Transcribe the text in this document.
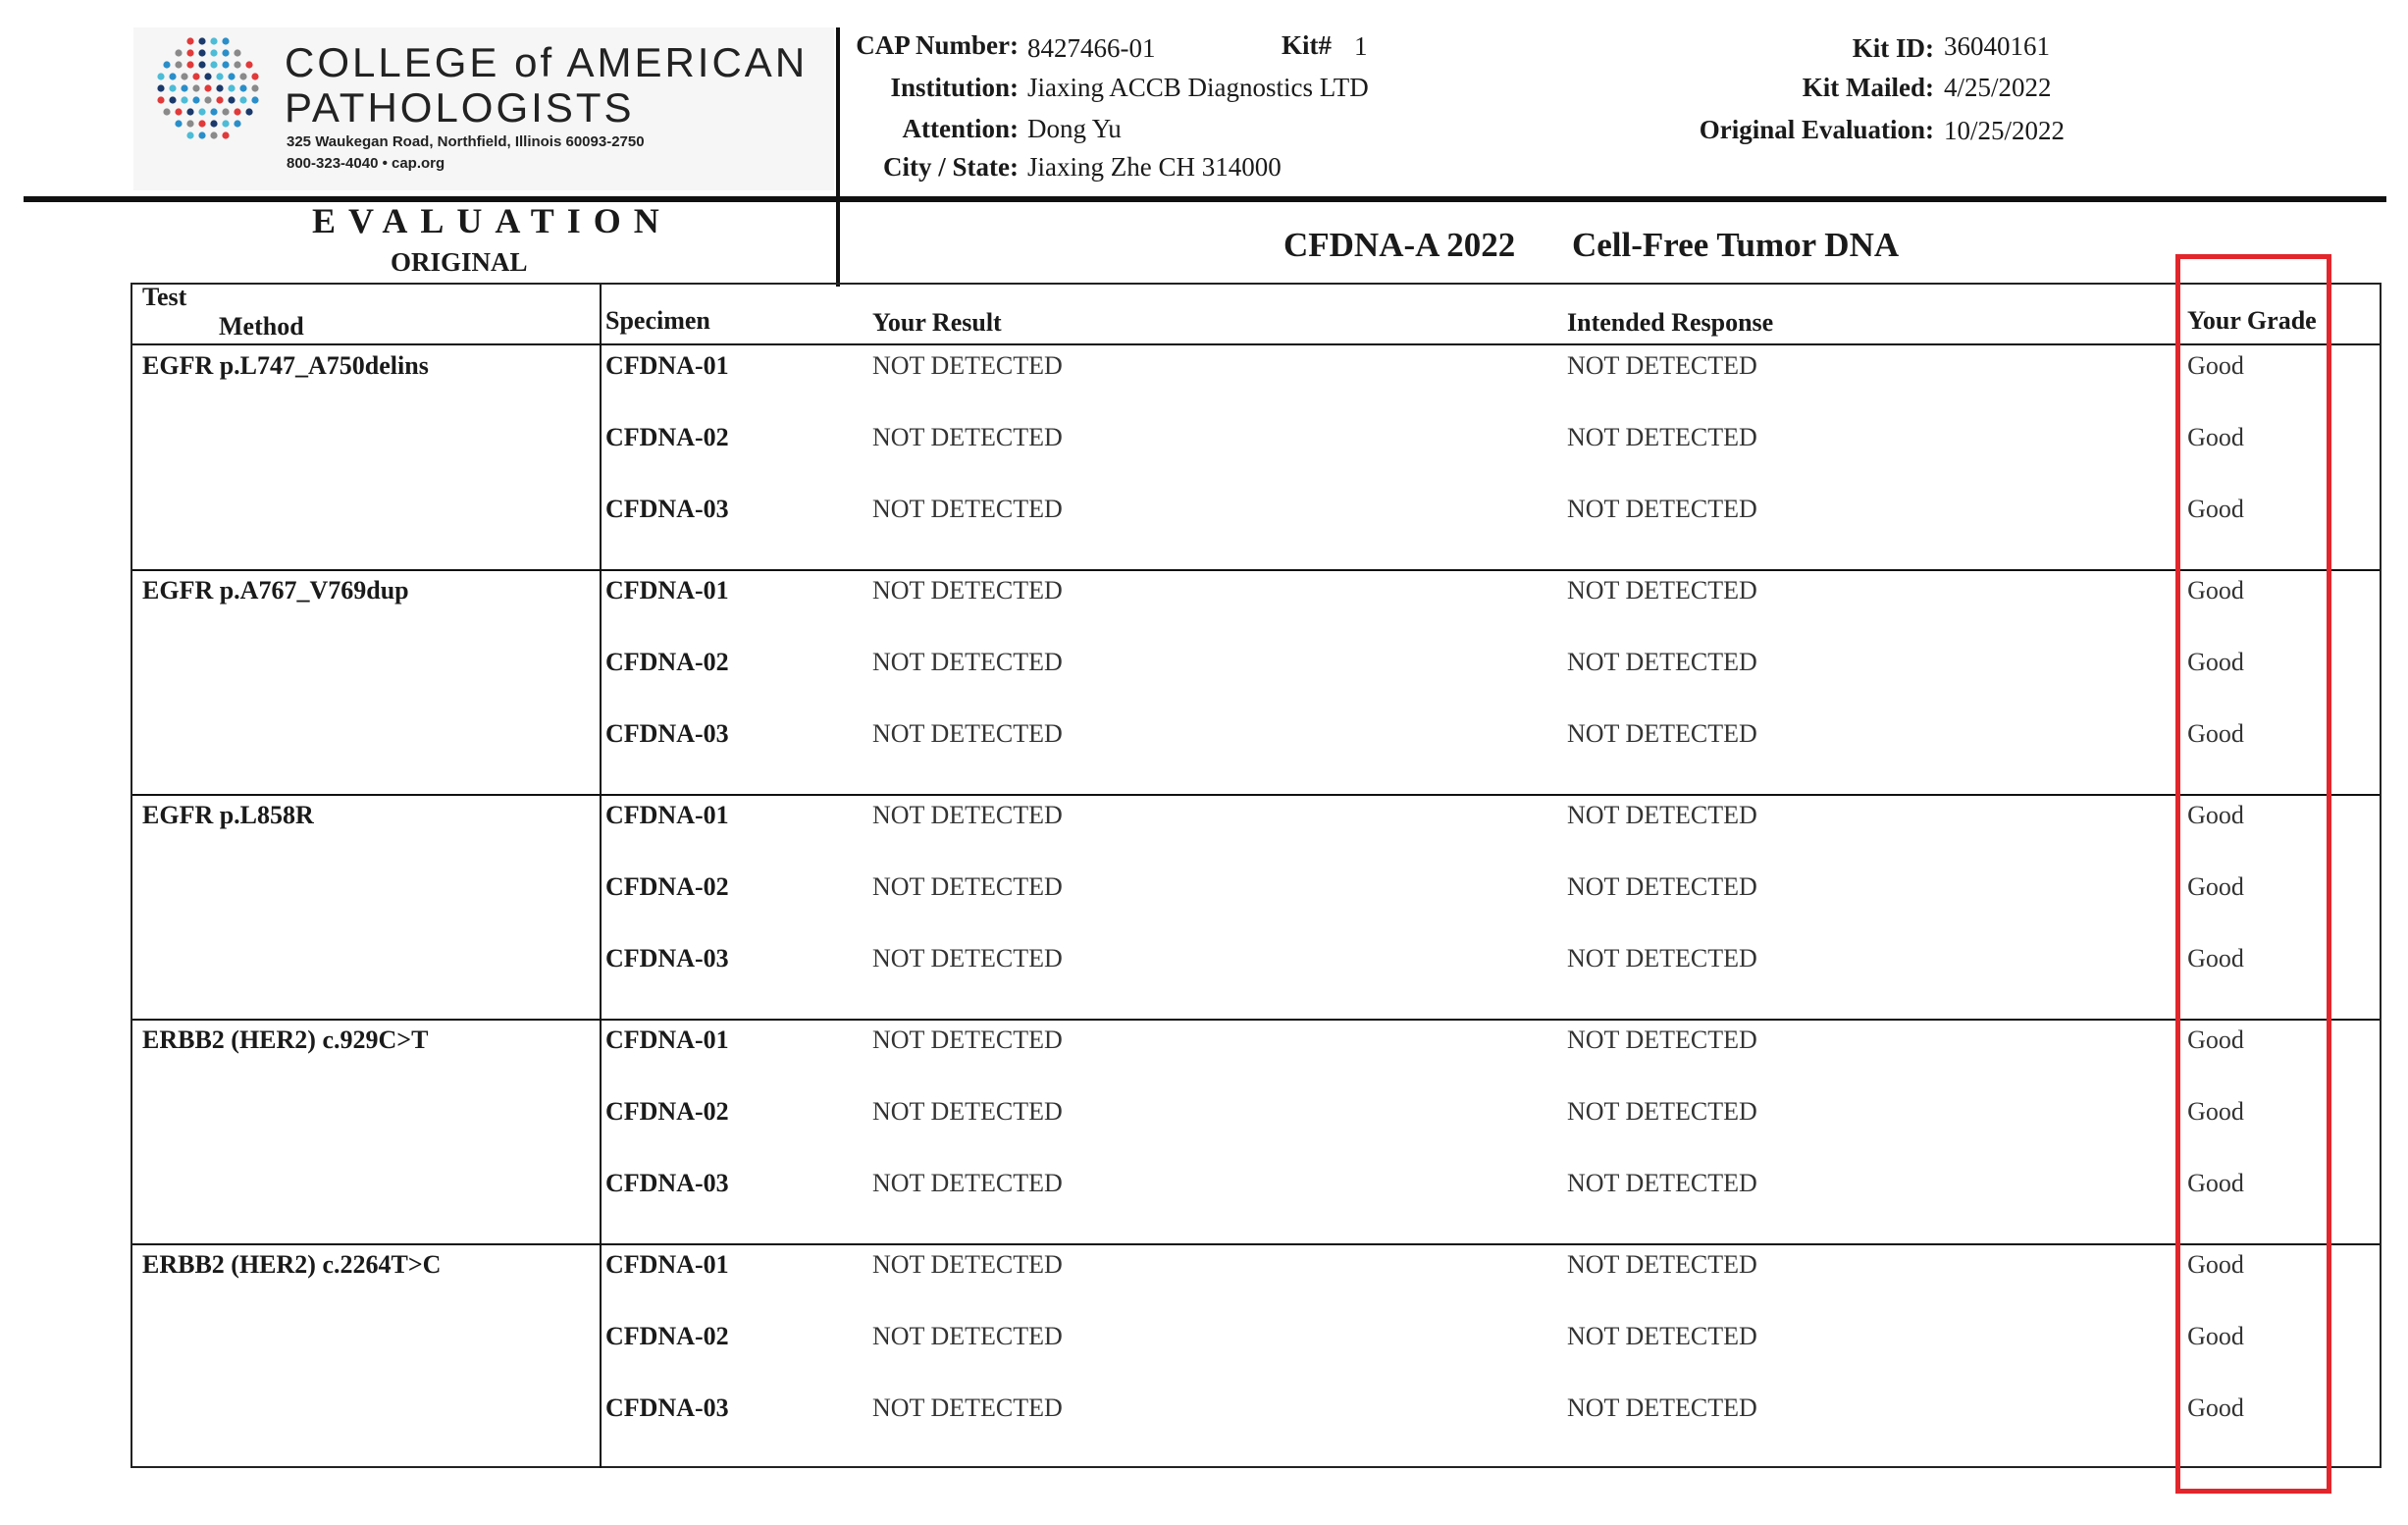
COLLEGE of AMERICAN
PATHOLOGISTS
325 Waukegan Road, Northfield, Illinois 60093-2750
800-323-4040 • cap.org
CAP Number: 8427466-01	Kit# 1
Institution: Jiaxing ACCB Diagnostics LTD
Attention: Dong Yu
City / State: Jiaxing Zhe CH 314000
Kit ID: 36040161
Kit Mailed: 4/25/2022
Original Evaluation: 10/25/2022
EVALUATION
ORIGINAL	CFDNA-A 2022 Cell-Free Tumor DNA
Test
Method	Specimen	Your Result	Intended Response	Your Grade
EGFR p.L747_A750delins	CFDNA-01	NOT DETECTED	NOT DETECTED	Good
CFDNA-02	NOT DETECTED	NOT DETECTED	Good
CFDNA-03	NOT DETECTED	NOT DETECTED	Good
EGFR p.A767_V769dup	CFDNA-01	NOT DETECTED	NOT DETECTED	Good
CFDNA-02	NOT DETECTED	NOT DETECTED	Good
CFDNA-03	NOT DETECTED	NOT DETECTED	Good
EGFR p.L858R	CFDNA-01	NOT DETECTED	NOT DETECTED	Good
CFDNA-02	NOT DETECTED	NOT DETECTED	Good
CFDNA-03	NOT DETECTED	NOT DETECTED	Good
ERBB2 (HER2) c.929C>T	CFDNA-01	NOT DETECTED	NOT DETECTED	Good
CFDNA-02	NOT DETECTED	NOT DETECTED	Good
CFDNA-03	NOT DETECTED	NOT DETECTED	Good
ERBB2 (HER2) c.2264T>C	CFDNA-01	NOT DETECTED	NOT DETECTED	Good
CFDNA-02	NOT DETECTED	NOT DETECTED	Good
CFDNA-03	NOT DETECTED	NOT DETECTED	Good
